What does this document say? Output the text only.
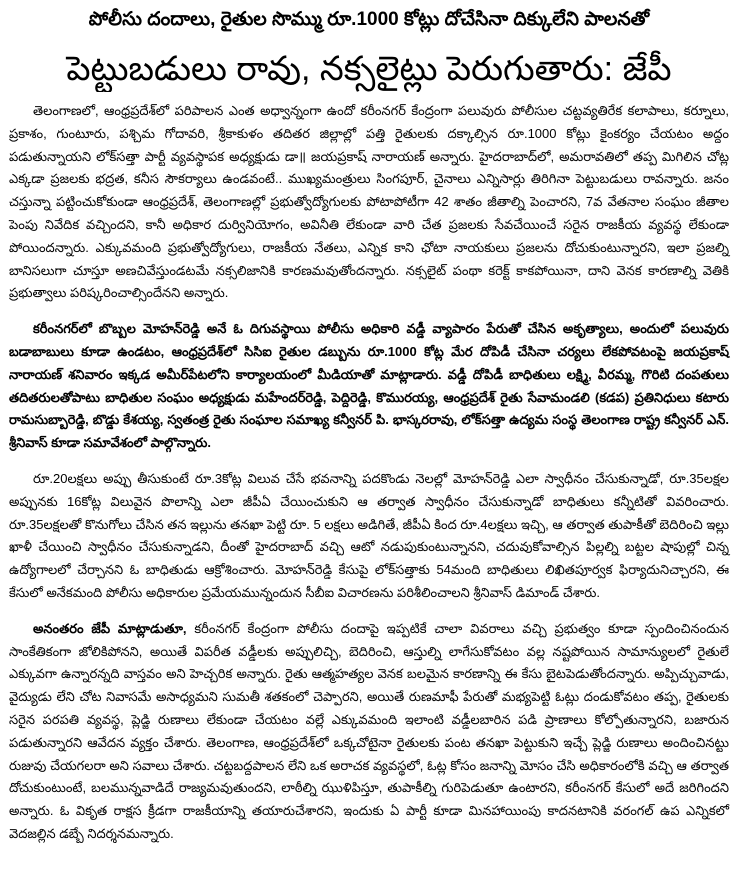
పోలీసు దందాలు, రైతుల సొమ్ము రూ.1000 కోట్లు దోచేసినా దిక్కులేని పాలనతో
పెట్టుబడులు రావు, నక్సలైట్లు పెరుగుతారు: జేపీ

తెలంగాణలో, ఆంధ్రప్రదేశ్‌లో పరిపాలన ఎంత అధ్వాన్నంగా ఉందో కరీంనగర్ కేంద్రంగా పలువురు పోలీసుల చట్టవ్యతిరేక కలాపాలు, కర్నూలు, ప్రకాశం, గుంటూరు, పశ్చిమ గోదావరి, శ్రీకాకుళం తదితర జిల్లాల్లో పత్తి రైతులకు దక్కాల్సిన రూ.1000 కోట్లు కైంకర్యం చేయటం అద్దం పడుతున్నాయని లోక్‌సత్తా పార్టీ వ్యవస్థాపక అధ్యక్షుడు డా॥ జయప్రకాష్ నారాయణ్ అన్నారు. హైదరాబాద్‌లో, అమరావతిలో తప్ప మిగిలిన చోట్ల ఎక్కడా ప్రజలకు భద్రత, కనీస సౌకర్యాలు ఉండవంటే.. ముఖ్యమంత్రులు సింగపూర్, చైనాలు ఎన్నిసార్లు తిరిగినా పెట్టుబడులు రావన్నారు. జనం చస్తున్నా పట్టించుకోకుండా ఆంధ్రప్రదేశ్, తెలంగాణల్లో ప్రభుత్వోద్యోగులకు పోటాపోటీగా 42 శాతం జీతాల్ని పెంచారని, 7వ వేతనాల సంఘం జీతాల పెంపు నివేదిక వచ్చిందని, కానీ అధికార దుర్వినియోగం, అవినీతి లేకుండా వారి చేత ప్రజలకు సేవచేయించే సరైన రాజకీయ వ్యవస్థ లేకుండా పోయిందన్నారు. ఎక్కువమంది ప్రభుత్వోద్యోగులు, రాజకీయ నేతలు, ఎన్నిక కాని ఛోటా నాయకులు ప్రజలను దోచుకుంటున్నారని, ఇలా ప్రజల్ని బానిసలుగా చూస్తూ అణచివేస్తుండటమే నక్సలిజానికి కారణమవుతోందన్నారు. నక్సలైట్ పంథా కరెక్ట్ కాకపోయినా, దాని వెనక కారణాల్ని వెతికి ప్రభుత్వాలు పరిష్కరించాల్సిందేనని అన్నారు.

కరీంనగర్‌లో బొబ్బల మోహన్‌రెడ్డి అనే ఓ దిగువస్థాయి పోలీసు అధికారి వడ్డీ వ్యాపారం పేరుతో చేసిన అకృత్యాలు, అందులో పలువురు బడాబాబులు కూడా ఉండటం, ఆంధ్రప్రదేశ్‌లో సిసిఐ రైతుల డబ్బును రూ.1000 కోట్ల మేర దోపిడీ చేసినా చర్యలు లేకపోవటంపై జయప్రకాష్ నారాయణ్ శనివారం ఇక్కడ అమీర్‌పేటలోని కార్యాలయంలో మీడియాతో మాట్లాడారు. వడ్డీ దోపిడీ బాధితులు లక్ష్మి, వీరమ్మ, గొరిటి దంపతులు తదితరులతోపాటు బాధితుల సంఘం అధ్యక్షుడు మహేందర్‌రెడ్డి, పెద్దిరెడ్డి, కొమురయ్య, ఆంధ్రప్రదేశ్ రైతు సేవామండలి (కడప) ప్రతినిధులు కటారు రామసుబ్బారెడ్డి, బొడ్డు కేశయ్య, స్వతంత్ర రైతు సంఘాల సమాఖ్య కన్వీనర్ పి. భాస్కరరావు, లోక్‌సత్తా ఉద్యమ సంస్థ తెలంగాణ రాష్ట్ర కన్వీనర్ ఎన్. శ్రీనివాస్ కూడా సమావేశంలో పాల్గొన్నారు.

రూ.20లక్షలు అప్పు తీసుకుంటే రూ.3కోట్ల విలువ చేసే భవనాన్ని పదకొండు నెలల్లో మోహన్‌రెడ్డి ఎలా స్వాధీనం చేసుకున్నాడో, రూ.35లక్షల అప్పునకు 16కోట్ల విలువైన పొలాన్ని ఎలా జీపీఏ చేయించుకుని ఆ తర్వాత స్వాధీనం చేసుకున్నాడో బాధితులు కన్నీటితో వివరించారు. రూ.35లక్షలతో కొనుగోలు చేసిన తన ఇల్లును తనఖా పెట్టి రూ. 5 లక్షలు అడిగితే, జీపీఏ కింద రూ.4లక్షలు ఇచ్చి, ఆ తర్వాత తుపాకీతో బెదిరించి ఇల్లు ఖాళీ చేయించి స్వాధీనం చేసుకున్నాడని, దీంతో హైదరాబాద్ వచ్చి ఆటో నడుపుకుంటున్నానని, చదువుకోవాల్సిన పిల్లల్ని బట్టల షాపుల్లో చిన్న ఉద్యోగాలలో చేర్చానని ఓ బాధితుడు ఆక్రోశించారు. మోహన్‌రెడ్డి కేసుపై లోక్‌సత్తాకు 54మంది బాధితులు లిఖితపూర్వక ఫిర్యాదునిచ్చారని, ఈ కేసులో అనేకమంది పోలీసు అధికారుల ప్రమేయమున్నందున సీబీఐ విచారణను పరిశీలించాలని శ్రీనివాస్ డిమాండ్ చేశారు.

అనంతరం జేపీ మాట్లాడుతూ, కరీంనగర్ కేంద్రంగా పోలీసు దందాపై ఇప్పటికే చాలా వివరాలు వచ్చి ప్రభుత్వం కూడా స్పందించినందున సాంకేతికంగా జోలికిపోనని, అయితే విపరీత వడ్డీలకు అప్పులిచ్చి, బెదిరించి, ఆస్తుల్ని లాగేసుకోవటం వల్ల నష్టపోయిన సామాన్యులలో రైతులే ఎక్కువగా ఉన్నారన్నది వాస్తవం అని హెచ్చరిక అన్నారు. రైతు ఆత్మహత్యల వెనక బలమైన కారణాన్ని ఈ కేసు బైటపెడుతోందన్నారు. అప్పిచ్చువాడు, వైద్యుడు లేని చోట నివాసమే అసాధ్యమని సుమతీ శతకంలో చెప్పారని, అయితే రుణమాఫీ పేరుతో మభ్యపెట్టి ఓట్లు దండుకోవటం తప్ప, రైతులకు సరైన పరపతి వ్యవస్థ, ప్లెడ్జి రుణాలు లేకుండా చేయటం వల్లే ఎక్కువమంది ఇలాంటి వడ్డీలబారిన పడి ప్రాణాలు కోల్పోతున్నారని, బజారున పడుతున్నారని ఆవేదన వ్యక్తం చేశారు. తెలంగాణ, ఆంధ్రప్రదేశ్‌లో ఒక్కచోటైనా రైతులకు పంట తనఖా పెట్టుకుని ఇచ్చే ప్లెడ్జి రుణాలు అందించినట్టు రుజువు చేయగలరా అని సవాలు చేశారు. చట్టబద్దపాలన లేని ఒక అరాచక వ్యవస్థలో, ఓట్ల కోసం జనాన్ని మోసం చేసి అధికారంలోకి వచ్చి ఆ తర్వాత దోచుకుంటుంటే, బలమున్నవాడిదే రాజ్యమవుతుందని, లాఠీల్ని ఝుళిపిస్తూ, తుపాకీల్ని గురిపెడుతూ ఉంటారని, కరీంనగర్ కేసులో అదే జరిగిందని అన్నారు. ఓ వికృత రాక్షస క్రీడగా రాజకీయాన్ని తయారుచేశారని, ఇందుకు ఏ పార్టీ కూడా మినహాయింపు కాదనటానికి వరంగల్ ఉప ఎన్నికలో వెదజల్లిన డబ్బే నిదర్శనమన్నారు.
